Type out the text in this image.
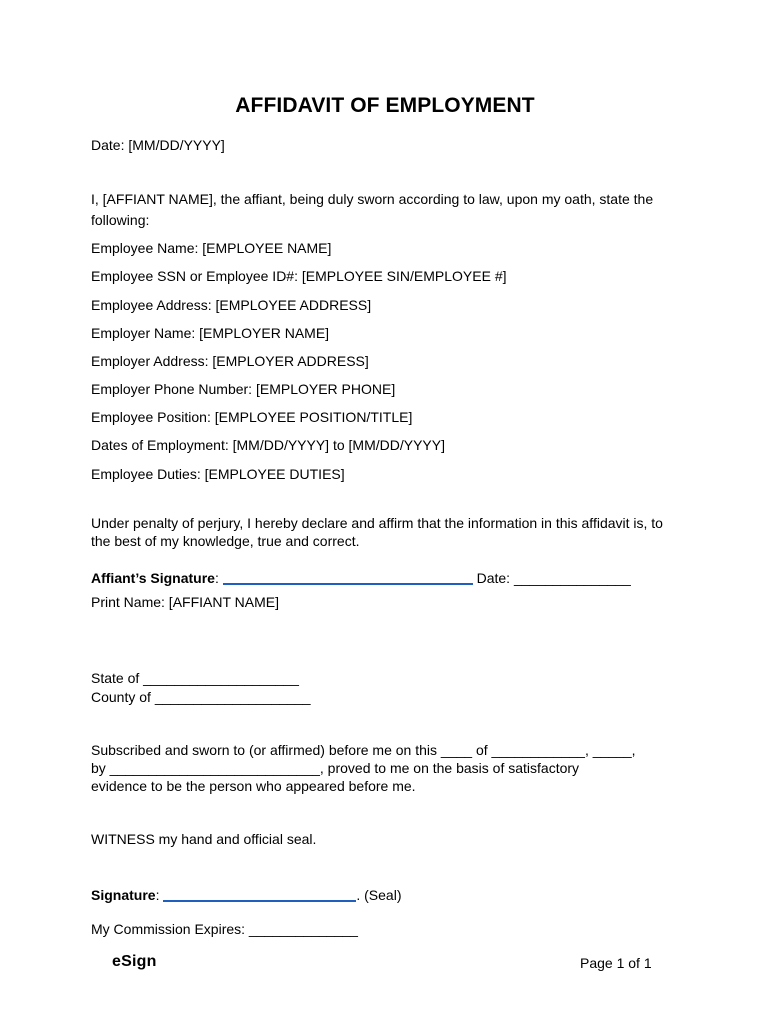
AFFIDAVIT OF EMPLOYMENT
Date: [MM/DD/YYYY]
I, [AFFIANT NAME], the affiant, being duly sworn according to law, upon my oath, state the following:
Employee Name: [EMPLOYEE NAME]
Employee SSN or Employee ID#: [EMPLOYEE SIN/EMPLOYEE #]
Employee Address: [EMPLOYEE ADDRESS]
Employer Name: [EMPLOYER NAME]
Employer Address: [EMPLOYER ADDRESS]
Employer Phone Number: [EMPLOYER PHONE]
Employee Position: [EMPLOYEE POSITION/TITLE]
Dates of Employment: [MM/DD/YYYY] to [MM/DD/YYYY]
Employee Duties: [EMPLOYEE DUTIES]
Under penalty of perjury, I hereby declare and affirm that the information in this affidavit is, to the best of my knowledge, true and correct.
Affiant’s Signature:	Date: _______________
Print Name: [AFFIANT NAME]
State of ____________________
County of ____________________
Subscribed and sworn to (or affirmed) before me on this ____ of ____________, _____,
by ___________________________, proved to me on the basis of satisfactory
evidence to be the person who appeared before me.
WITNESS my hand and official seal.
Signature:	. (Seal)
My Commission Expires: ______________
eSign	Page 1 of 1
